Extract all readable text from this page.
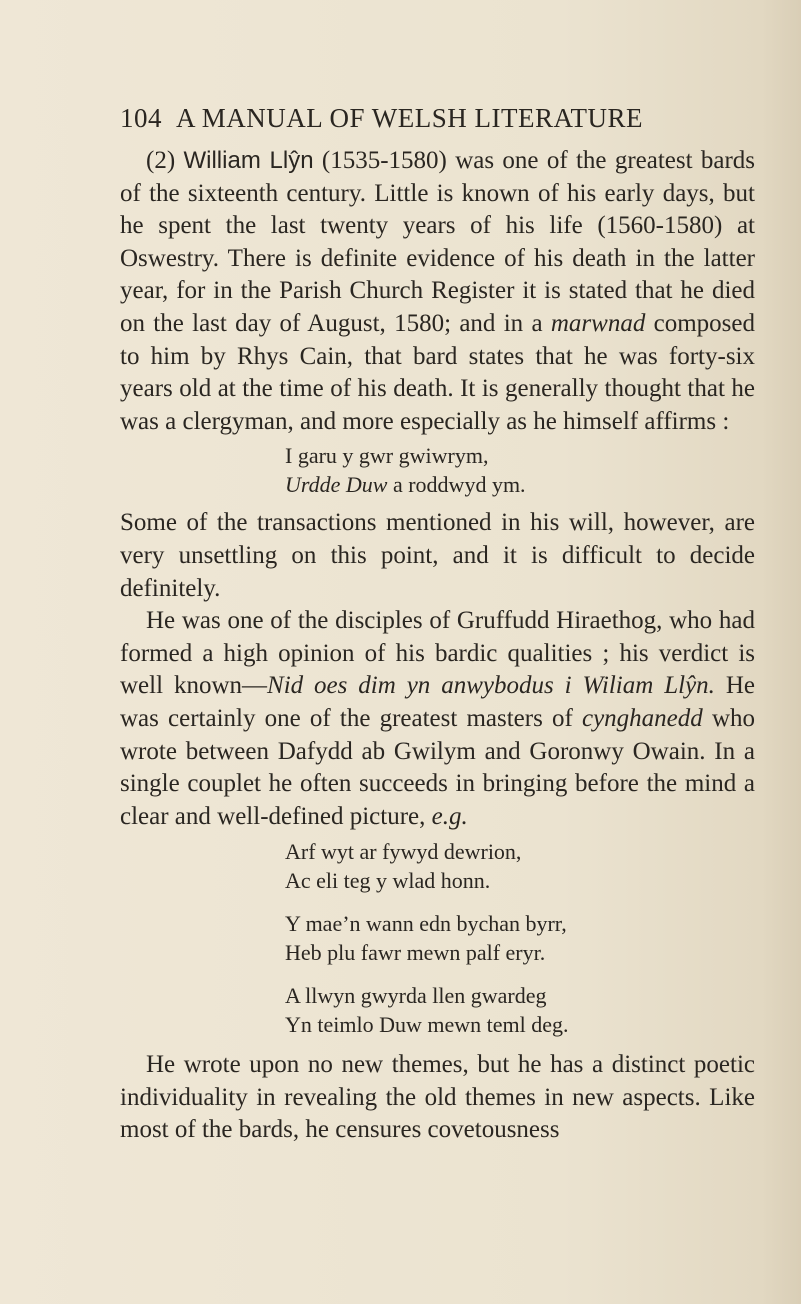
104 A MANUAL OF WELSH LITERATURE

(2) William Llŷn (1535-1580) was one of the greatest bards of the sixteenth century. Little is known of his early days, but he spent the last twenty years of his life (1560-1580) at Oswestry. There is definite evidence of his death in the latter year, for in the Parish Church Register it is stated that he died on the last day of August, 1580; and in a marwnad composed to him by Rhys Cain, that bard states that he was forty-six years old at the time of his death. It is generally thought that he was a clergyman, and more especially as he himself affirms :

I garu y gwr gwiwrym,
Urdde Duw a roddwyd ym.

Some of the transactions mentioned in his will, however, are very unsettling on this point, and it is difficult to decide definitely.

He was one of the disciples of Gruffudd Hiraethog, who had formed a high opinion of his bardic qualities ; his verdict is well known—Nid oes dim yn anwybodus i Wiliam Llŷn. He was certainly one of the greatest masters of cynghanedd who wrote between Dafydd ab Gwilym and Goronwy Owain. In a single couplet he often succeeds in bringing before the mind a clear and well-defined picture, e.g.

Arf wyt ar fywyd dewrion,
Ac eli teg y wlad honn.
Y mae’n wann edn bychan byrr,
Heb plu fawr mewn palf eryr.
A llwyn gwyrda llen gwardeg
Yn teimlo Duw mewn teml deg.

He wrote upon no new themes, but he has a distinct poetic individuality in revealing the old themes in new aspects. Like most of the bards, he censures covetousness
